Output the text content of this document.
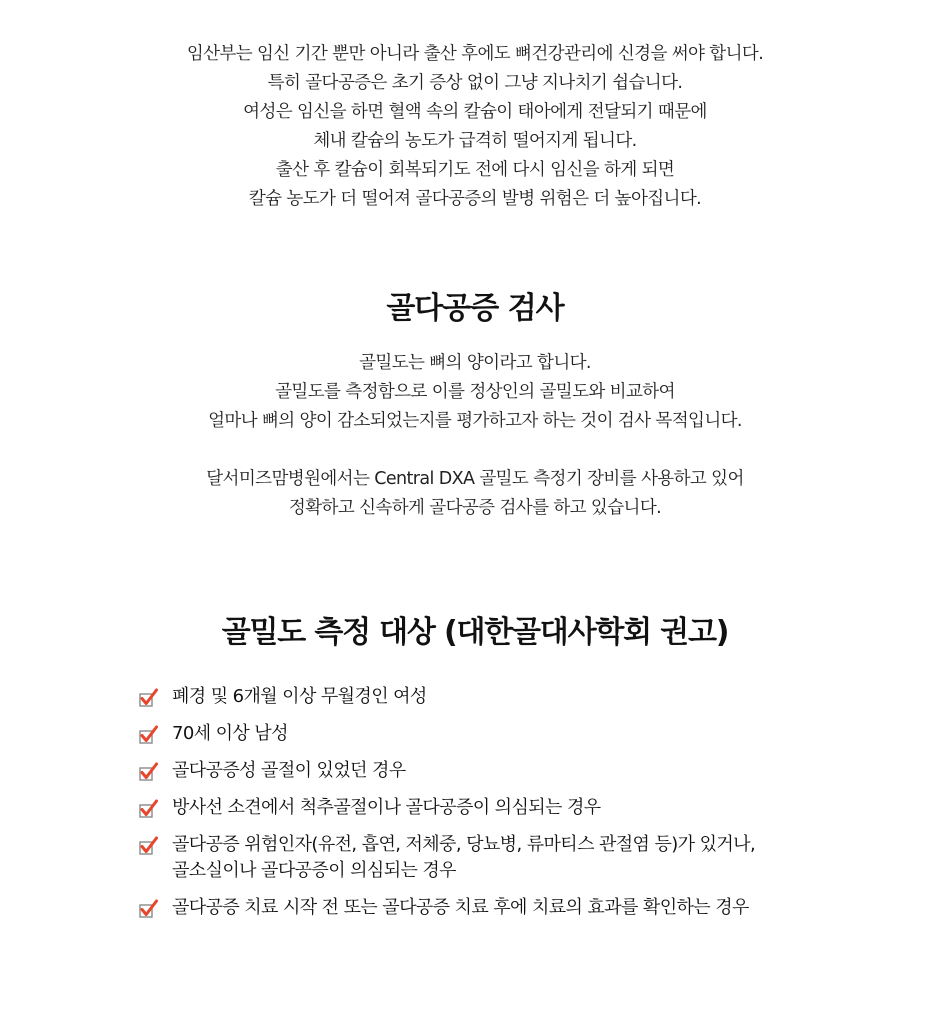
임산부는 임신 기간 뿐만 아니라 출산 후에도 뼈건강관리에 신경을 써야 합니다.

특히 골다공증은 초기 증상 없이 그냥 지나치기 쉽습니다.

여성은 임신을 하면 혈액 속의 칼슘이 태아에게 전달되기 때문에

체내 칼슘의 농도가 급격히 떨어지게 됩니다.

출산 후 칼슘이 회복되기도 전에 다시 임신을 하게 되면

칼슘 농도가 더 떨어져 골다공증의 발병 위험은 더 높아집니다.

골다공증 검사

골밀도는 뼈의 양이라고 합니다.

골밀도를 측정함으로 이를 정상인의 골밀도와 비교하여

얼마나 뼈의 양이 감소되었는지를 평가하고자 하는 것이 검사 목적입니다.

달서미즈맘병원에서는 Central DXA 골밀도 측정기 장비를 사용하고 있어

정확하고 신속하게 골다공증 검사를 하고 있습니다.

골밀도 측정 대상 (대한골대사학회 권고)
폐경 및 6개월 이상 무월경인 여성
70세 이상 남성
골다공증성 골절이 있었던 경우
방사선 소견에서 척추골절이나 골다공증이 의심되는 경우
골다공증 위험인자(유전, 흡연, 저체중, 당뇨병, 류마티스 관절염 등)가 있거나,
골소실이나 골다공증이 의심되는 경우
골다공증 치료 시작 전 또는 골다공증 치료 후에 치료의 효과를 확인하는 경우
